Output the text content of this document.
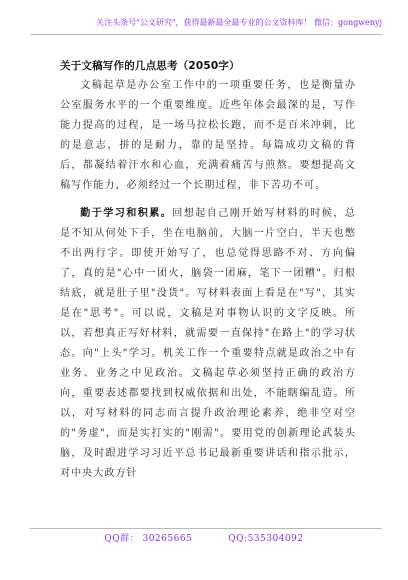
关注头条号"公文研究"，获得最新最全最专业的公文资料库！ 微信：gongwenyj
关于文稿写作的几点思考（2050字）

文稿起草是办公室工作中的一项重要任务，也是衡量办公室服务水平的一个重要维度。近些年体会最深的是，写作能力提高的过程，是一场马拉松长跑，而不是百米冲刺，比的是意志，拼的是耐力，靠的是坚持。每篇成功文稿的背后，都凝结着汗水和心血，充满着痛苦与煎熬。要想提高文稿写作能力，必须经过一个长期过程，非下苦功不可。

勤于学习和积累。回想起自己刚开始写材料的时候，总是不知从何处下手，坐在电脑前，大脑一片空白，半天也憋不出两行字。即使开始写了，也总觉得思路不对、方向偏了，真的是"心中一团火，脑袋一团麻，笔下一团糟"。归根结底，就是肚子里"没货"。写材料表面上看是在"写"，其实是在"思考"。可以说，文稿是对事物认识的文字反映。所以，若想真正写好材料，就需要一直保持"在路上"的学习状态。向"上头"学习。机关工作一个重要特点就是政治之中有业务、业务之中见政治。文稿起草必须坚持正确的政治方向，重要表述都要找到权威依据和出处，不能瞎编乱造。所以，对写材料的同志而言提升政治理论素养，绝非空对空的"务虚"，而是实打实的"刚需"。要用党的创新理论武装头脑，及时跟进学习习近平总书记最新重要讲话和指示批示，对中央大政方针

QQ群： 30265665	QQ:535304092
